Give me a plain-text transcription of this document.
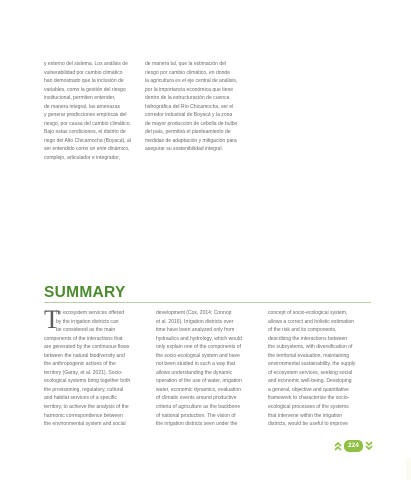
y externo del sistema. Los análisis de
vulnerabilidad por cambio climático
han demostrado que la inclusión de
variables, como la gestión del riesgo
institucional, permiten entender,
de manera integral, las amenazas
y generar predicciones empíricas del
riesgo, por causa del cambio climático.
Bajo estas condiciones, el distrito de
riego del Alto Chicamocha (Boyacá), al
ser entendido como un ente dinámico,
complejo, articulador e integrador,
de manera tal, que la estimación del
riesgo por cambio climático, en donde
la agricultura es el eje central de análisis,
por la importancia económica que tiene
dentro de la estructuración de cuenca
hidrográfica del Río Chicamocha, ser el
corredor industrial de Boyacá y la zona
de mayor producción de cebolla de bulbo
del país, permitirá el planteamiento de
medidas de adaptación y mitigación para
asegurar su sostenibilidad integral.
SUMMARY
T
he ecosystem services offered
by the irrigation districts can
be considered as the main
components of the interactions that
are generated by the continuous flows
between the natural biodiversity and
the anthropogenic actions of the
territory (Garay, et al. 2021). Socio-
ecological systems bring together both
the provisioning, regulatory, cultural
and habitat services of a specific
territory, to achieve the analysis of the
harmonic correspondence between
the environmental system and social
development (Cox, 2014; Connop
et al. 2016). Irrigation districts over
time have been analyzed only from
hydraulics and hydrology, which would
only explain one of the components of
the socio-ecological system and have
not been studied in such a way that
allows understanding the dynamic
operation of the use of water, irrigation
water, economic dynamics, evaluation
of climatic events around productive
criteria of agriculture as the backbone
of national production. The vision of
the irrigation districts seen under the
concept of socio-ecological system,
allows a correct and holistic estimation
of the risk and its components,
describing the interactions between
the subsystems, with diversification of
the territorial evaluation, maintaining
environmental sustainability, the supply
of ecosystem services, seeking social
and economic well-being. Developing
a general, objective and quantitative
framework to characterize the socio-
ecological processes of the systems
that intervene within the irrigation
districts, would be useful to improve
224
